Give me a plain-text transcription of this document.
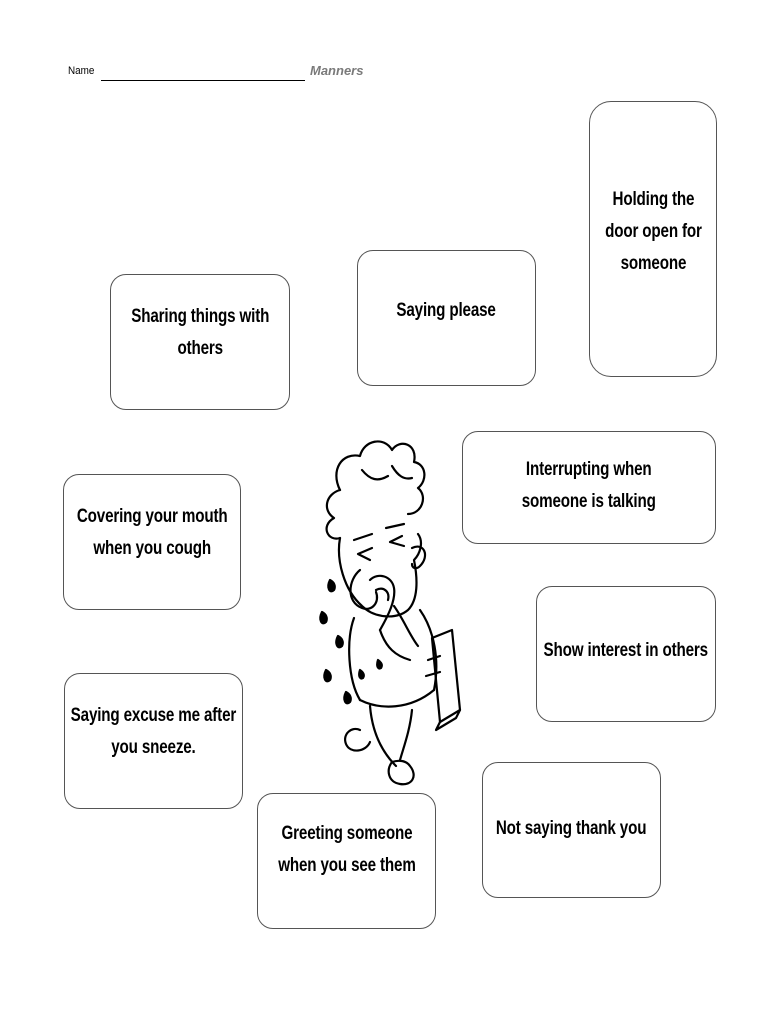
Name	Manners
Holding the
door open for
someone
Saying please
Sharing things with
others
Interrupting when
someone is talking
Covering your mouth
when you cough
Show interest in others
Saying excuse me after
you sneeze.
Not saying thank you
Greeting someone
when you see them
